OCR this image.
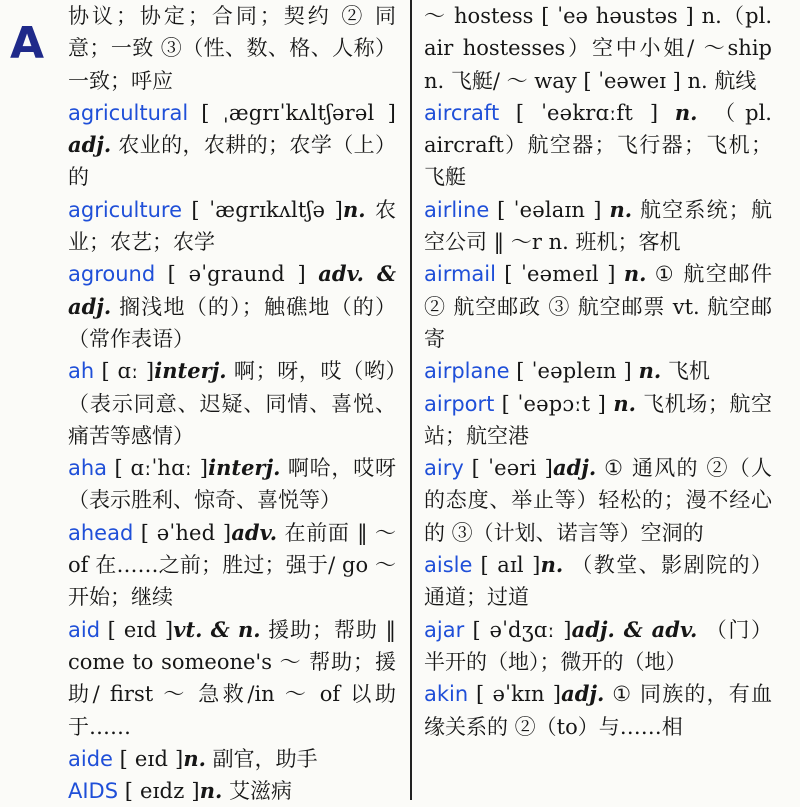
A

协议；协定；合同；契约 ② 同意；一致 ③（性、数、格、人称）一致；呼应

agricultural [ ˌægrɪˈkʌltʃərəl ] adj. 农业的，农耕的；农学（上）的

agriculture [ ˈægrɪkʌltʃə ]n. 农业；农艺；农学

aground [ əˈgraund ] adv. & adj. 搁浅地（的）；触礁地（的）（常作表语）

ah [ ɑː ]interj. 啊；呀，哎（哟）（表示同意、迟疑、同情、喜悦、痛苦等感情）

aha [ ɑːˈhɑː ]interj. 啊哈，哎呀（表示胜利、惊奇、喜悦等）

ahead [ əˈhed ]adv. 在前面 ‖ ～ of 在……之前；胜过；强于/ go ～ 开始；继续

aid [ eɪd ]vt. & n. 援助；帮助 ‖ come to someone's ～ 帮助；援助/ first ～ 急救/in ～ of 以助于……

aide [ eɪd ]n. 副官，助手

AIDS [ eɪdz ]n. 艾滋病

～ hostess [ ˈeə həustəs ] n.（pl. air hostesses）空中小姐/ ～ship n. 飞艇/ ～ way [ ˈeəweɪ ] n. 航线

aircraft [ ˈeəkrɑːft ] n. （pl. aircraft）航空器；飞行器；飞机；飞艇

airline [ ˈeəlaɪn ] n. 航空系统；航空公司 ‖ ～r n. 班机；客机

airmail [ ˈeəmeɪl ] n. ① 航空邮件 ② 航空邮政 ③ 航空邮票 vt. 航空邮寄

airplane [ ˈeəpleɪn ] n. 飞机

airport [ ˈeəpɔːt ] n. 飞机场；航空站；航空港

airy [ ˈeəri ]adj. ① 通风的 ②（人的态度、举止等）轻松的；漫不经心的 ③（计划、诺言等）空洞的

aisle [ aɪl ]n. （教堂、影剧院的）通道；过道

ajar [ əˈdʒɑː ]adj. & adv. （门）半开的（地）；微开的（地）

akin [ əˈkɪn ]adj. ① 同族的，有血缘关系的 ②（to）与……相
